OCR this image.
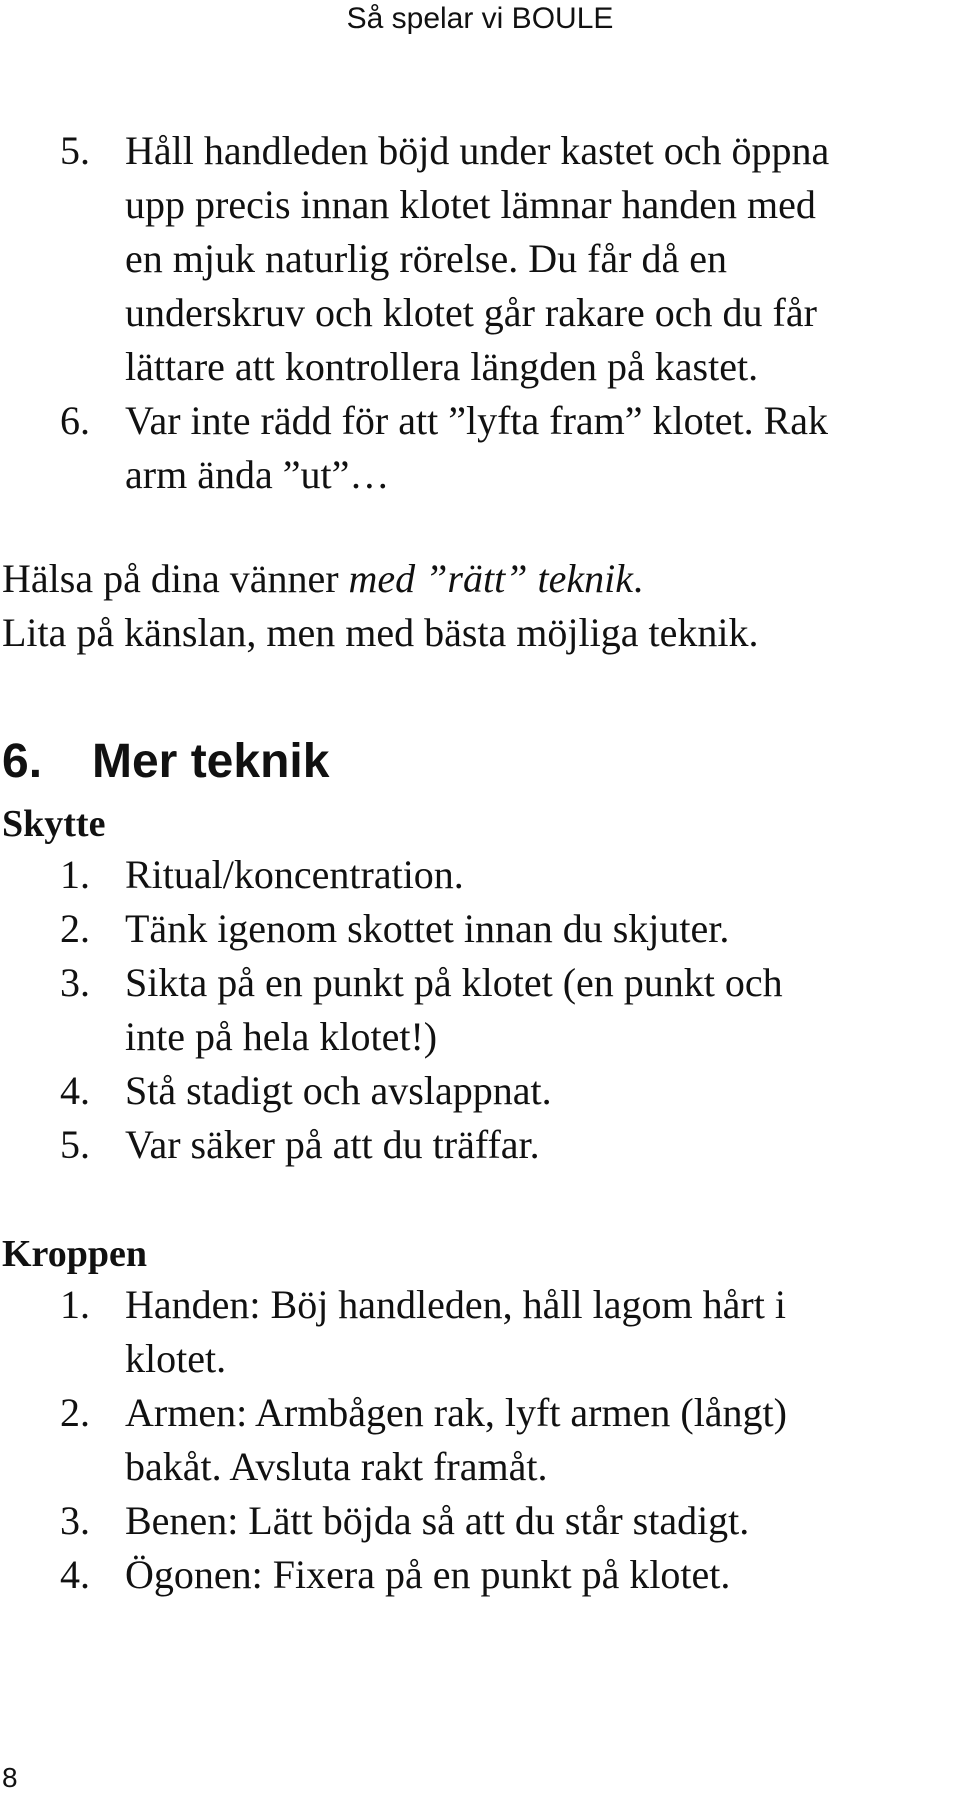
Så spelar vi BOULE
5. Håll handleden böjd under kastet och öppna
upp precis innan klotet lämnar handen med
en mjuk naturlig rörelse. Du får då en
underskruv och klotet går rakare och du får
lättare att kontrollera längden på kastet.
6. Var inte rädd för att ”lyfta fram” klotet. Rak
arm ända ”ut”…

Hälsa på dina vänner med ”rätt” teknik.

Lita på känslan, men med bästa möjliga teknik.

6. Mer teknik
Skytte
1. Ritual/koncentration.
2. Tänk igenom skottet innan du skjuter.
3. Sikta på en punkt på klotet (en punkt och
inte på hela klotet!)
4. Stå stadigt och avslappnat.
5. Var säker på att du träffar.
Kroppen
1. Handen: Böj handleden, håll lagom hårt i
klotet.
2. Armen: Armbågen rak, lyft armen (långt)
bakåt. Avsluta rakt framåt.
3. Benen: Lätt böjda så att du står stadigt.
4. Ögonen: Fixera på en punkt på klotet.
8
